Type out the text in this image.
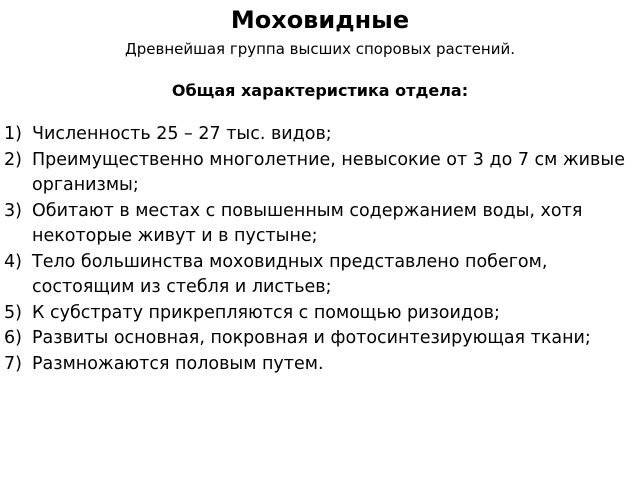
Моховидные
Древнейшая группа высших споровых растений.
Общая характеристика отдела:
1) Численность 25 – 27 тыс. видов;
2) Преимущественно многолетние, невысокие от 3 до 7 см живые организмы;
3) Обитают в местах с повышенным содержанием воды, хотя некоторые живут и в пустыне;
4) Тело большинства моховидных представлено побегом, состоящим из стебля и листьев;
5) К субстрату прикрепляются с помощью ризоидов;
6) Развиты основная, покровная и фотосинтезирующая ткани;
7) Размножаются половым путем.
